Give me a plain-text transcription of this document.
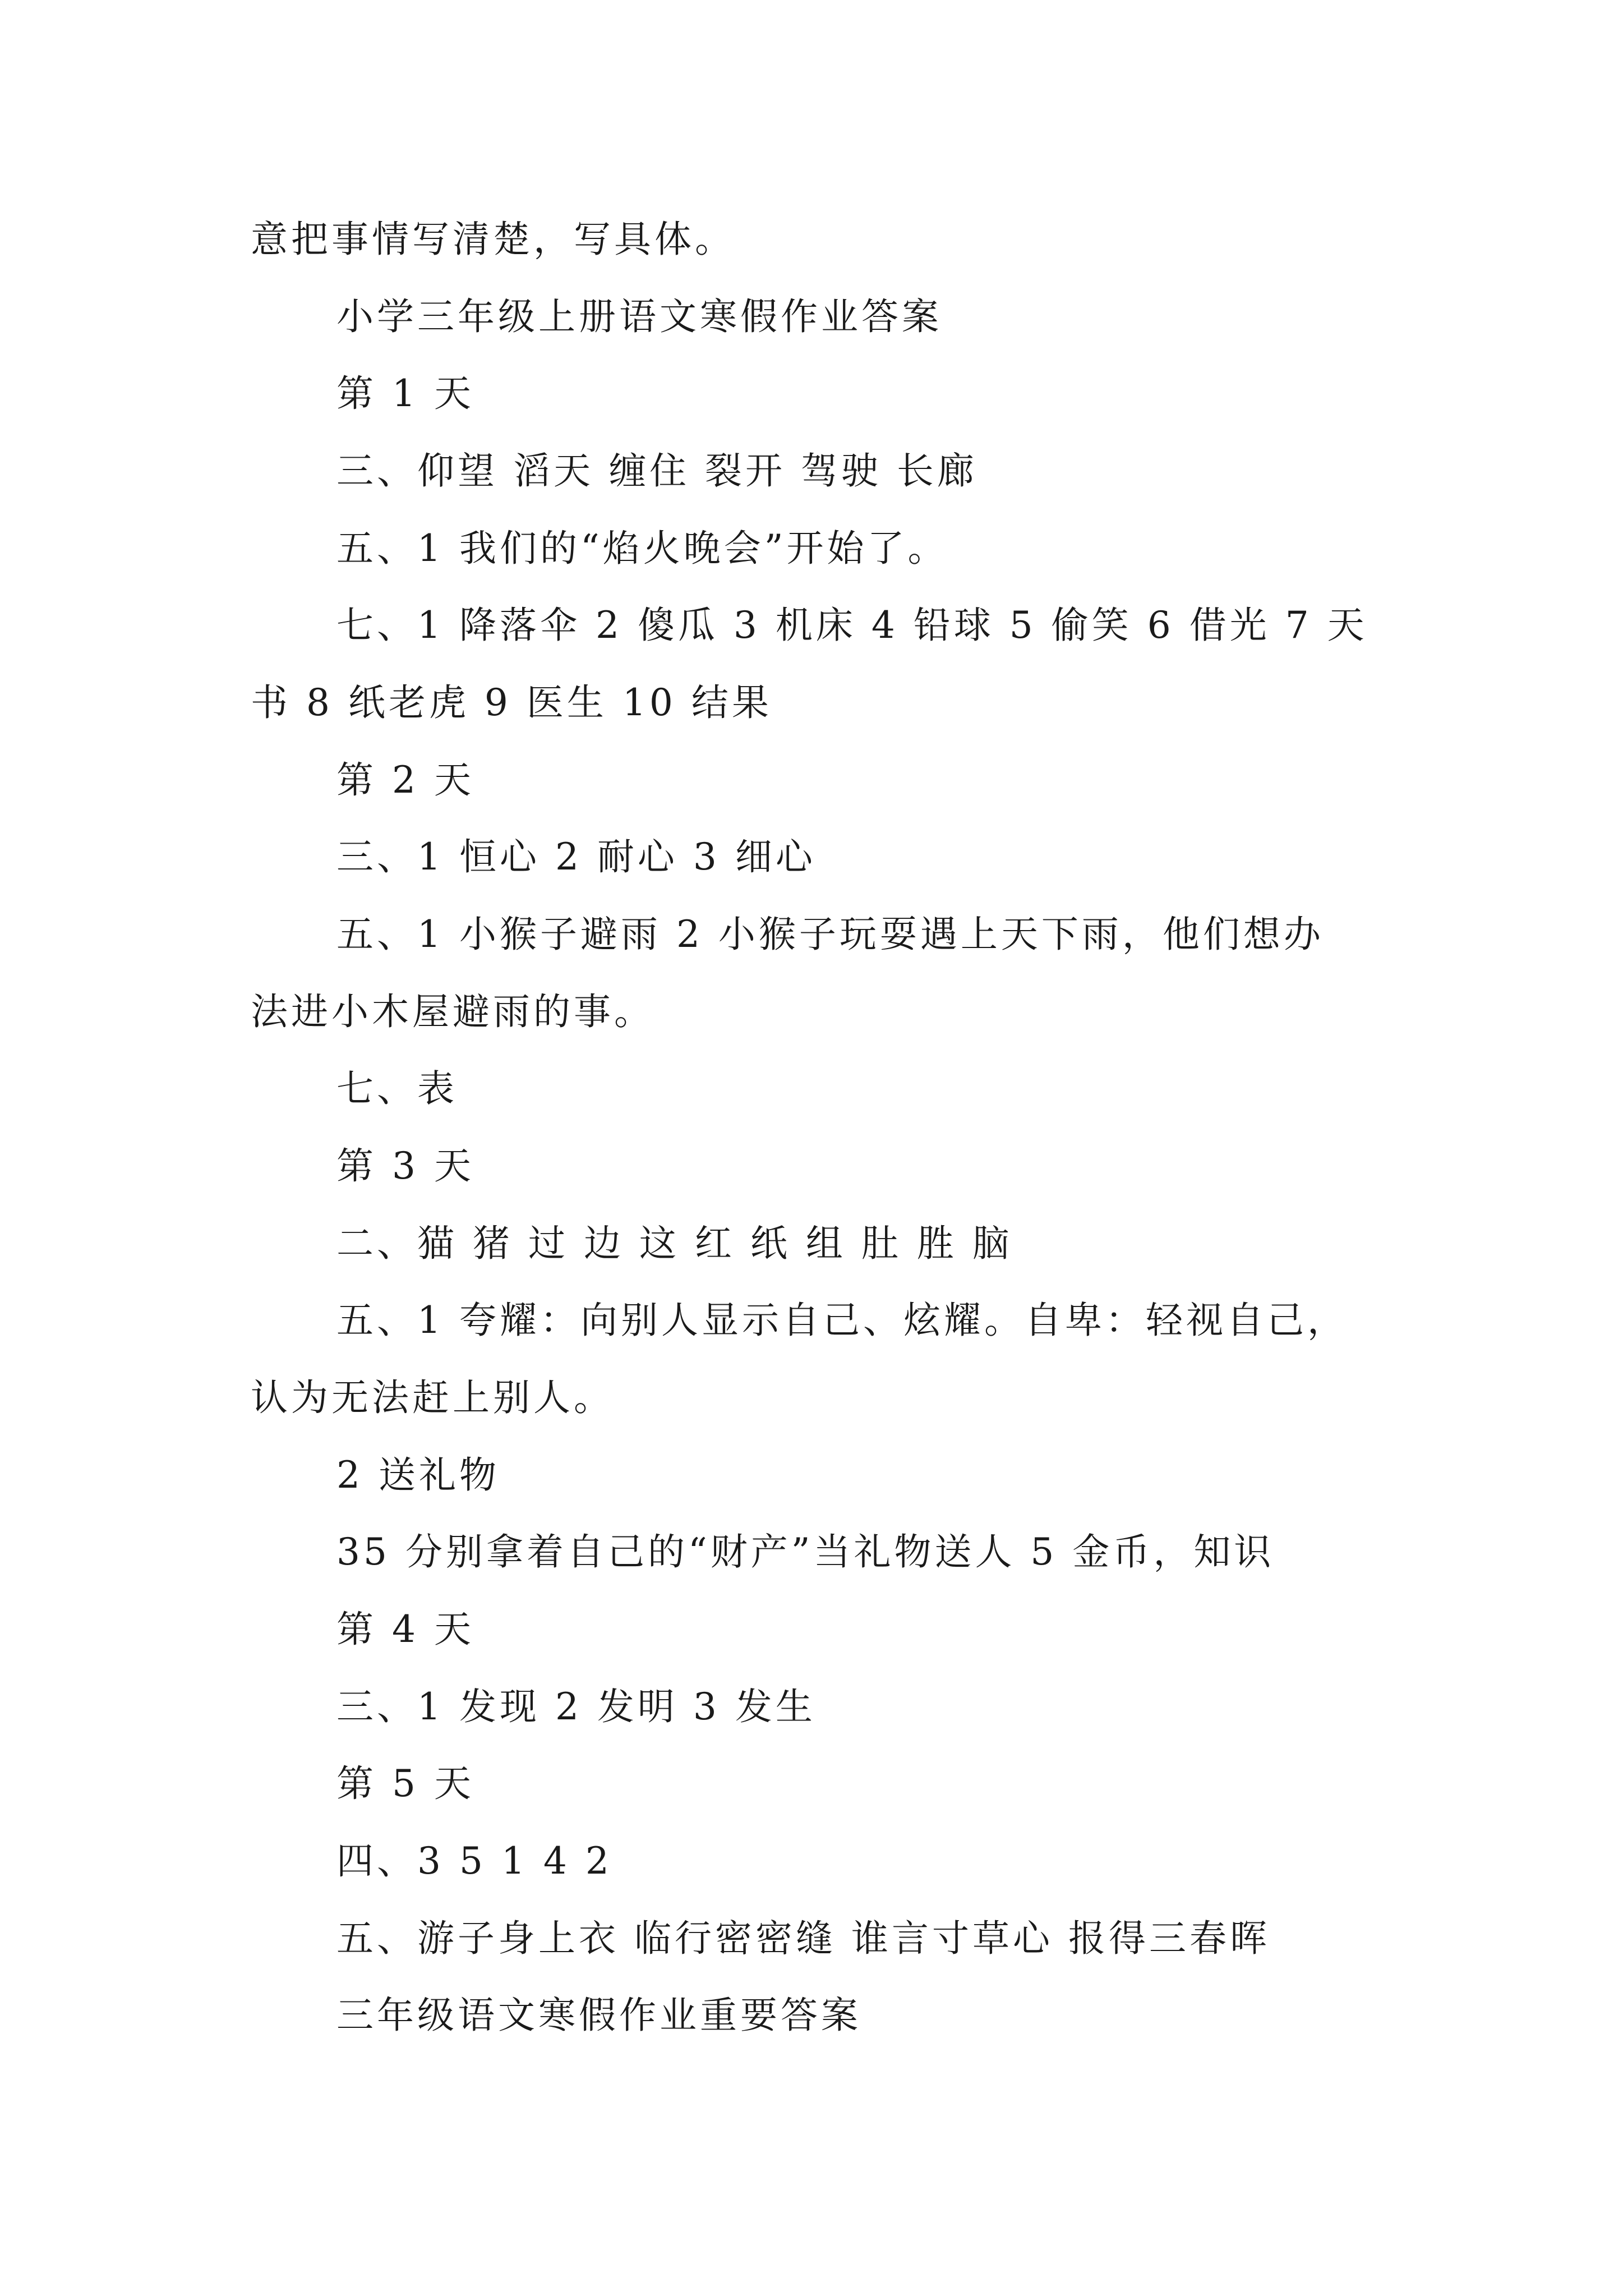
意把事情写清楚，写具体。
小学三年级上册语文寒假作业答案
第 1 天
三、仰望 滔天 缠住 裂开 驾驶 长廊
五、1 我们的“焰火晚会”开始了。
七、1 降落伞 2 傻瓜 3 机床 4 铅球 5 偷笑 6 借光 7 天
书 8 纸老虎 9 医生 10 结果
第 2 天
三、1 恒心 2 耐心 3 细心
五、1 小猴子避雨 2 小猴子玩耍遇上天下雨，他们想办
法进小木屋避雨的事。
七、表
第 3 天
二、猫 猪 过 边 这 红 纸 组 肚 胜 脑
五、1 夸耀：向别人显示自己、炫耀。自卑：轻视自己，
认为无法赶上别人。
2 送礼物
35 分别拿着自己的“财产”当礼物送人 5 金币，知识
第 4 天
三、1 发现 2 发明 3 发生
第 5 天
四、3 5 1 4 2
五、游子身上衣 临行密密缝 谁言寸草心 报得三春晖
三年级语文寒假作业重要答案
